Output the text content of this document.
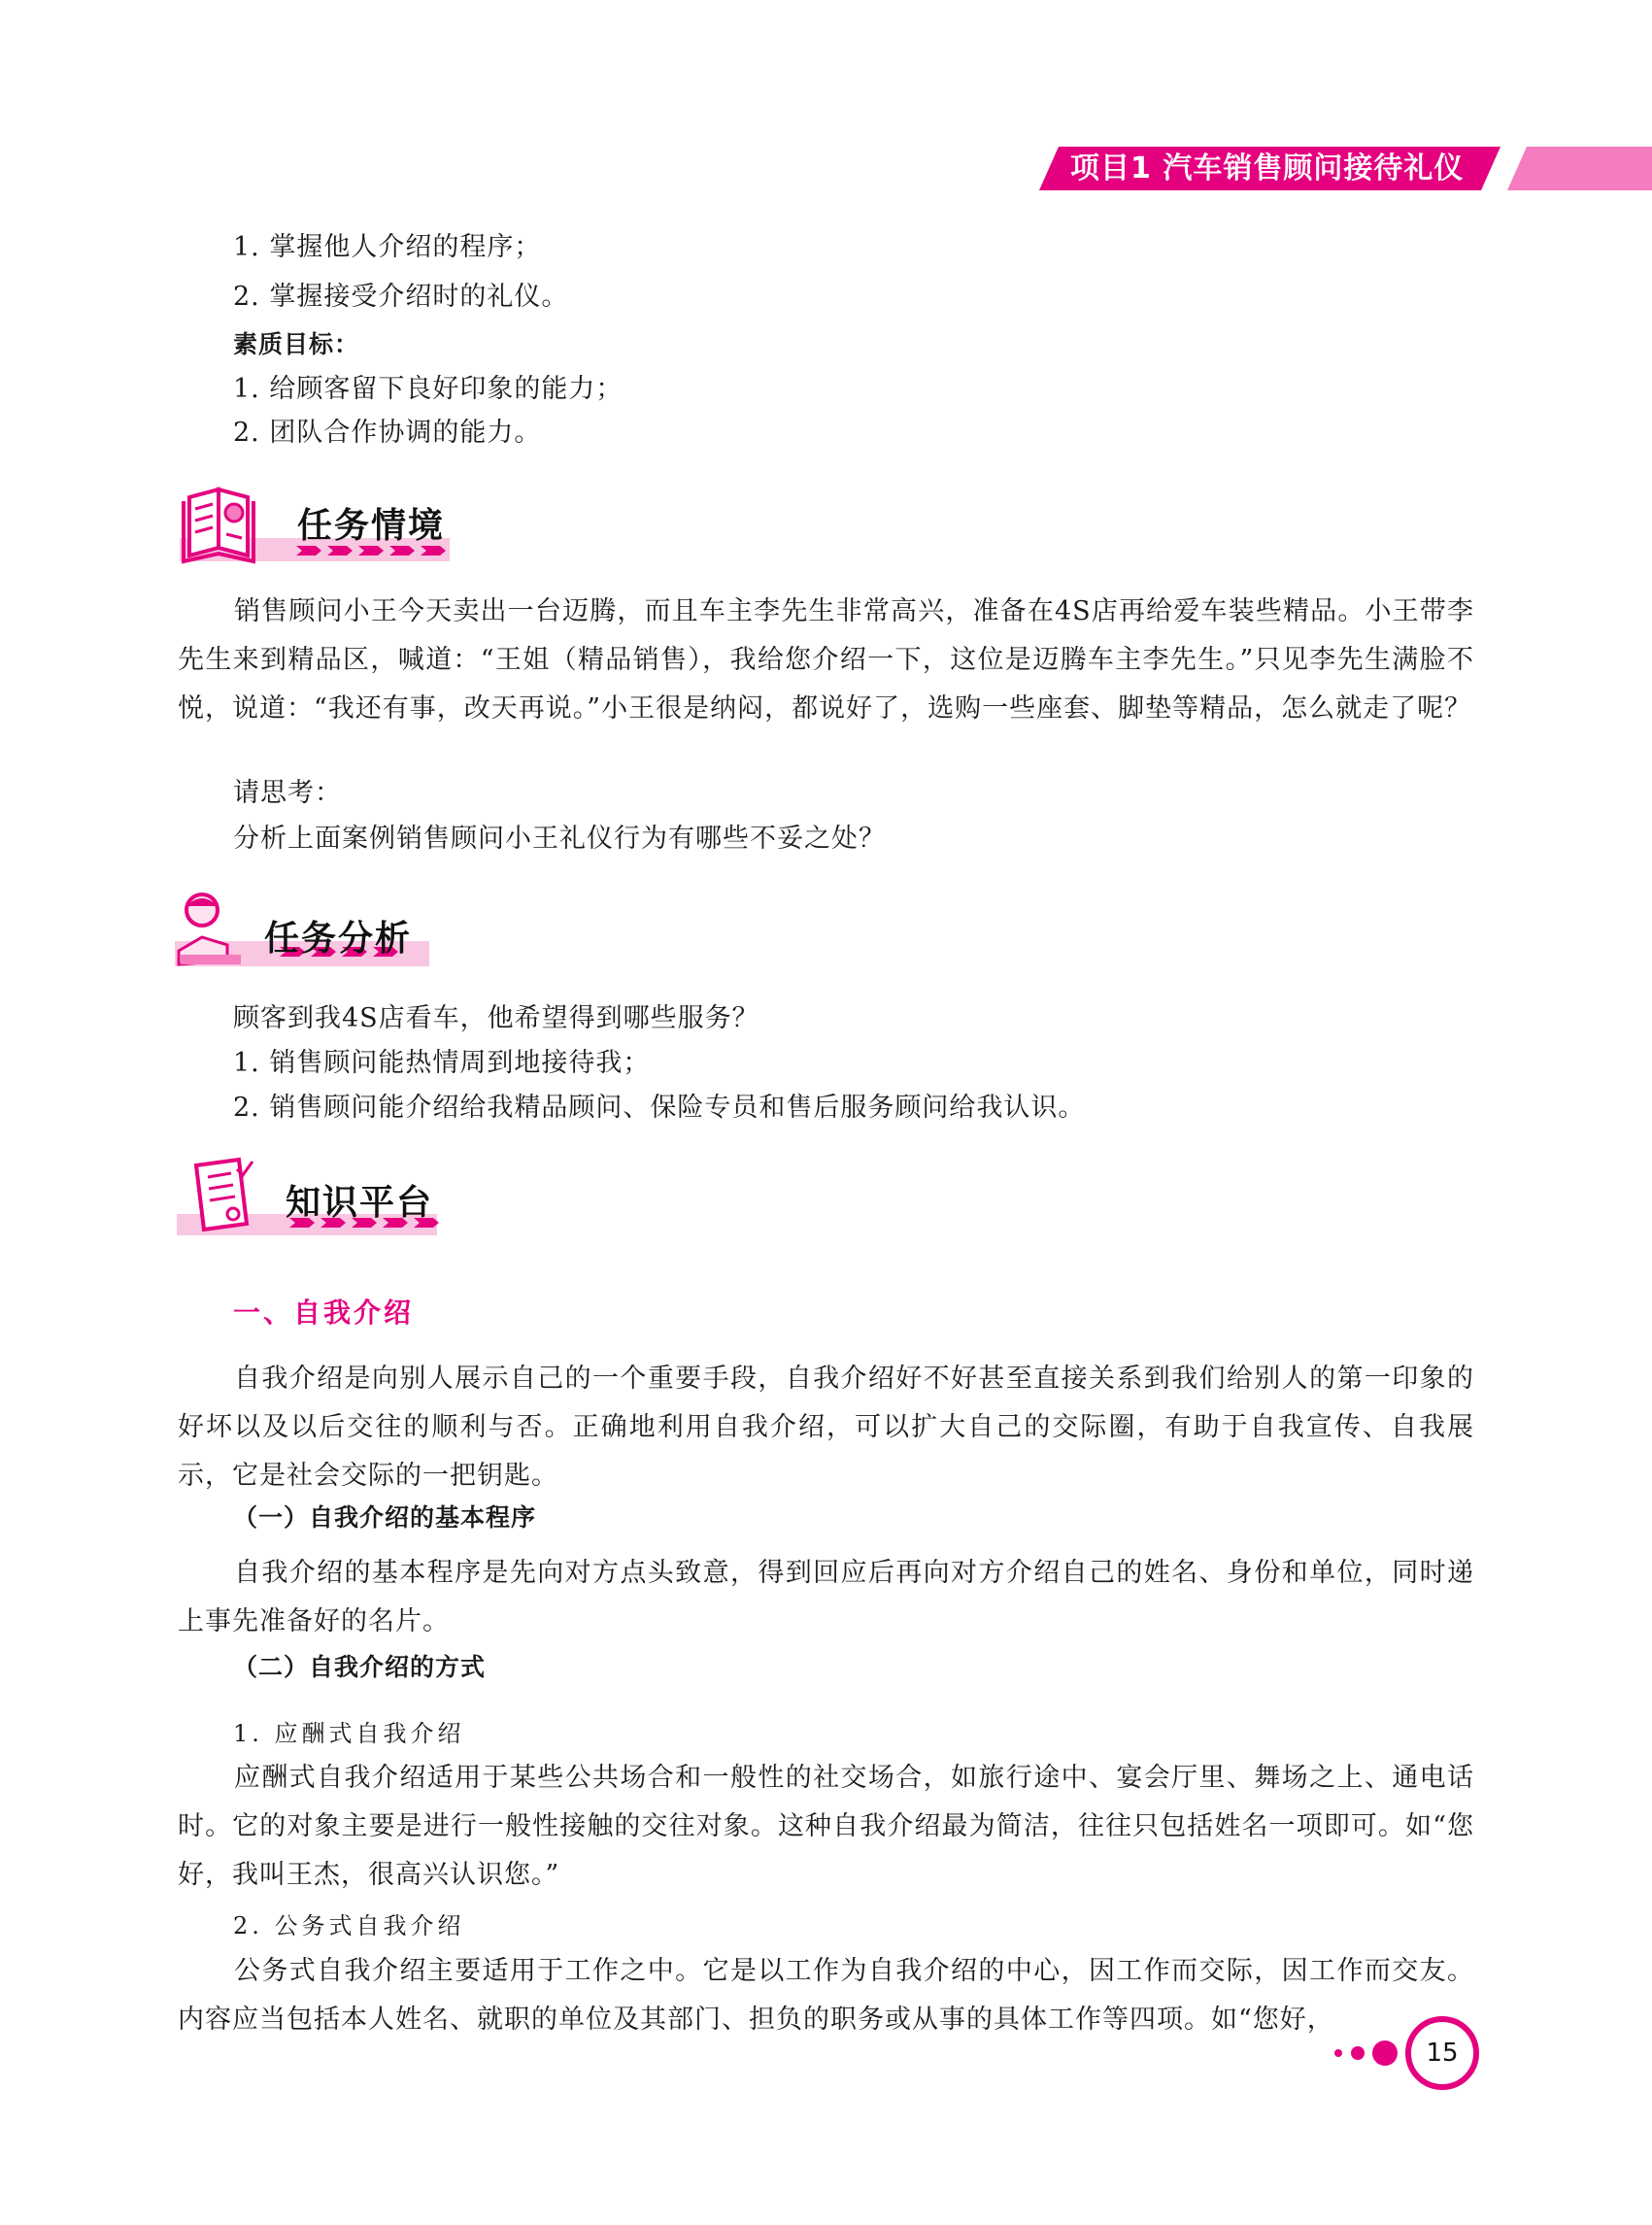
项目1 汽车销售顾问接待礼仪
1. 掌握他人介绍的程序；
2. 掌握接受介绍时的礼仪。
素质目标：
1. 给顾客留下良好印象的能力；
2. 团队合作协调的能力。
任务情境
销售顾问小王今天卖出一台迈腾，而且车主李先生非常高兴，准备在4S店再给爱车装些精品。小王带李先生来到精品区，喊道：“王姐（精品销售），我给您介绍一下，这位是迈腾车主李先生。”只见李先生满脸不悦，说道：“我还有事，改天再说。”小王很是纳闷，都说好了，选购一些座套、脚垫等精品，怎么就走了呢？
请思考：
分析上面案例销售顾问小王礼仪行为有哪些不妥之处？
任务分析
顾客到我4S店看车，他希望得到哪些服务？
1. 销售顾问能热情周到地接待我；
2. 销售顾问能介绍给我精品顾问、保险专员和售后服务顾问给我认识。
知识平台
一、自我介绍
自我介绍是向别人展示自己的一个重要手段，自我介绍好不好甚至直接关系到我们给别人的第一印象的好坏以及以后交往的顺利与否。正确地利用自我介绍，可以扩大自己的交际圈，有助于自我宣传、自我展示，它是社会交际的一把钥匙。
（一）自我介绍的基本程序
自我介绍的基本程序是先向对方点头致意，得到回应后再向对方介绍自己的姓名、身份和单位，同时递上事先准备好的名片。
（二）自我介绍的方式
1. 应酬式自我介绍
应酬式自我介绍适用于某些公共场合和一般性的社交场合，如旅行途中、宴会厅里、舞场之上、通电话时。它的对象主要是进行一般性接触的交往对象。这种自我介绍最为简洁，往往只包括姓名一项即可。如“您好，我叫王杰，很高兴认识您。”
2. 公务式自我介绍
公务式自我介绍主要适用于工作之中。它是以工作为自我介绍的中心，因工作而交际，因工作而交友。内容应当包括本人姓名、就职的单位及其部门、担负的职务或从事的具体工作等四项。如“您好，
15
